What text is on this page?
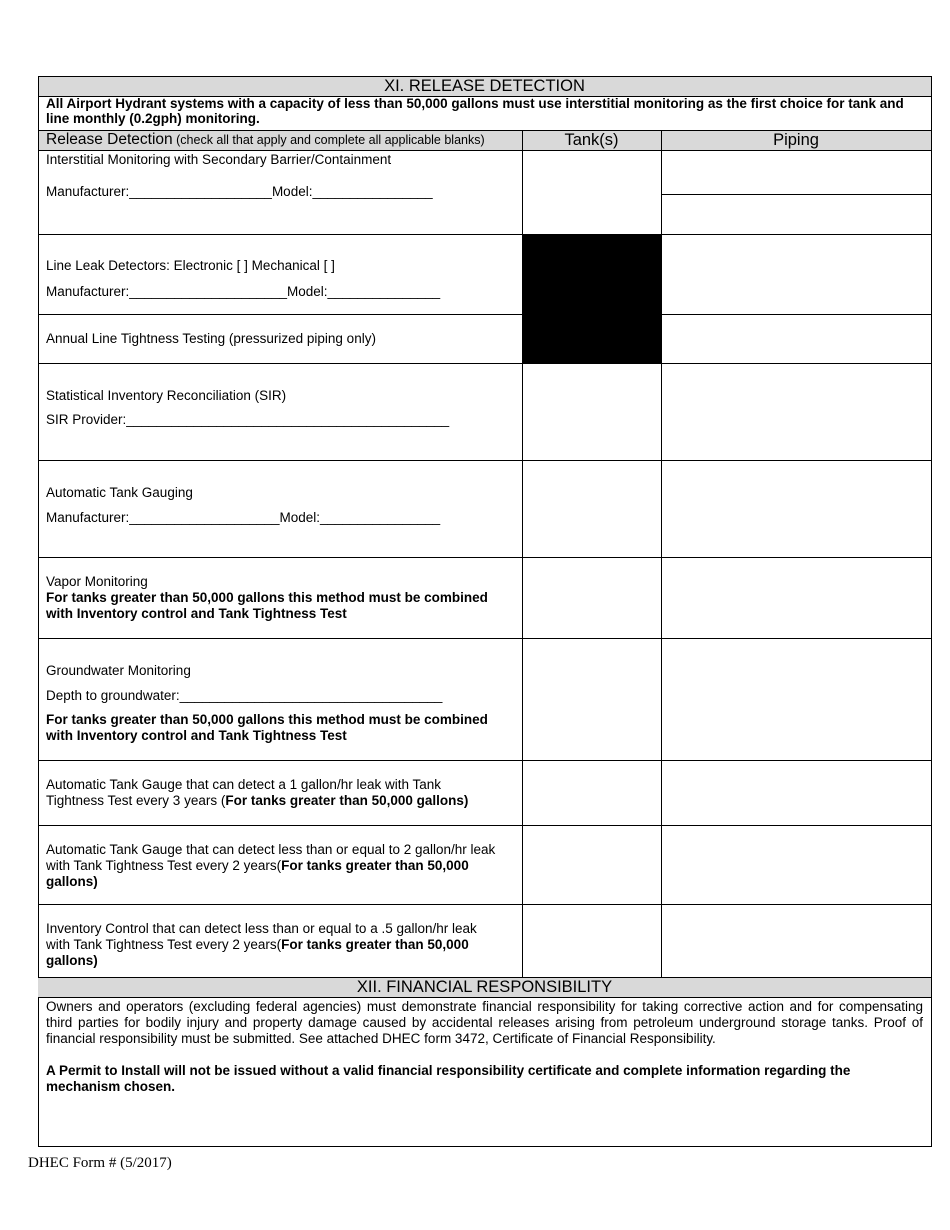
XI. RELEASE DETECTION
All Airport Hydrant systems with a capacity of less than 50,000 gallons must use interstitial monitoring as the first choice for tank and line monthly (0.2gph) monitoring.
Release Detection (check all that apply and complete all applicable blanks)	Tank(s)	Piping
Interstitial Monitoring with Secondary Barrier/Containment
Manufacturer:___________________Model:________________
Line Leak Detectors: Electronic [ ] Mechanical [ ]
Manufacturer:_____________________Model:_______________
Annual Line Tightness Testing (pressurized piping only)
Statistical Inventory Reconciliation (SIR)
SIR Provider:___________________________________________
Automatic Tank Gauging
Manufacturer:____________________Model:________________
Vapor Monitoring
For tanks greater than 50,000 gallons this method must be combined
with Inventory control and Tank Tightness Test
Groundwater Monitoring
Depth to groundwater:___________________________________
For tanks greater than 50,000 gallons this method must be combined
with Inventory control and Tank Tightness Test
Automatic Tank Gauge that can detect a 1 gallon/hr leak with Tank
Tightness Test every 3 years (For tanks greater than 50,000 gallons)
Automatic Tank Gauge that can detect less than or equal to 2 gallon/hr leak
with Tank Tightness Test every 2 years(For tanks greater than 50,000
gallons)
Inventory Control that can detect less than or equal to a .5 gallon/hr leak
with Tank Tightness Test every 2 years(For tanks greater than 50,000
gallons)
XII. FINANCIAL RESPONSIBILITY
Owners and operators (excluding federal agencies) must demonstrate financial responsibility for taking corrective action and for compensating third parties for bodily injury and property damage caused by accidental releases arising from petroleum underground storage tanks. Proof of financial responsibility must be submitted. See attached DHEC form 3472, Certificate of Financial Responsibility.
A Permit to Install will not be issued without a valid financial responsibility certificate and complete information regarding the mechanism chosen.
DHEC Form # (5/2017)
